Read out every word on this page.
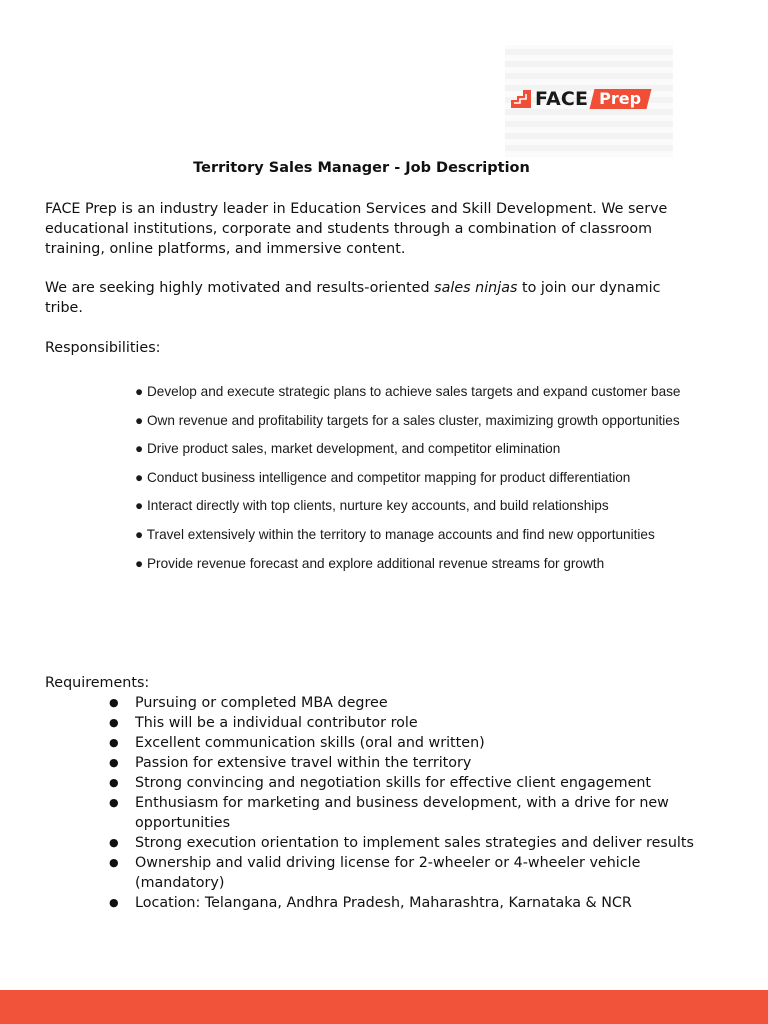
FACE Prep
Territory Sales Manager - Job Description

FACE Prep is an industry leader in Education Services and Skill Development. We serve educational institutions, corporate and students through a combination of classroom training, online platforms, and immersive content.

We are seeking highly motivated and results-oriented sales ninjas to join our dynamic tribe.

Responsibilities:

● Develop and execute strategic plans to achieve sales targets and expand customer base
● Own revenue and profitability targets for a sales cluster, maximizing growth opportunities
● Drive product sales, market development, and competitor elimination
● Conduct business intelligence and competitor mapping for product differentiation
● Interact directly with top clients, nurture key accounts, and build relationships
● Travel extensively within the territory to manage accounts and find new opportunities
● Provide revenue forecast and explore additional revenue streams for growth

Requirements:

● Pursuing or completed MBA degree
● This will be a individual contributor role
● Excellent communication skills (oral and written)
● Passion for extensive travel within the territory
● Strong convincing and negotiation skills for effective client engagement
● Enthusiasm for marketing and business development, with a drive for new opportunities
● Strong execution orientation to implement sales strategies and deliver results
● Ownership and valid driving license for 2-wheeler or 4-wheeler vehicle (mandatory)
● Location: Telangana, Andhra Pradesh, Maharashtra, Karnataka & NCR
